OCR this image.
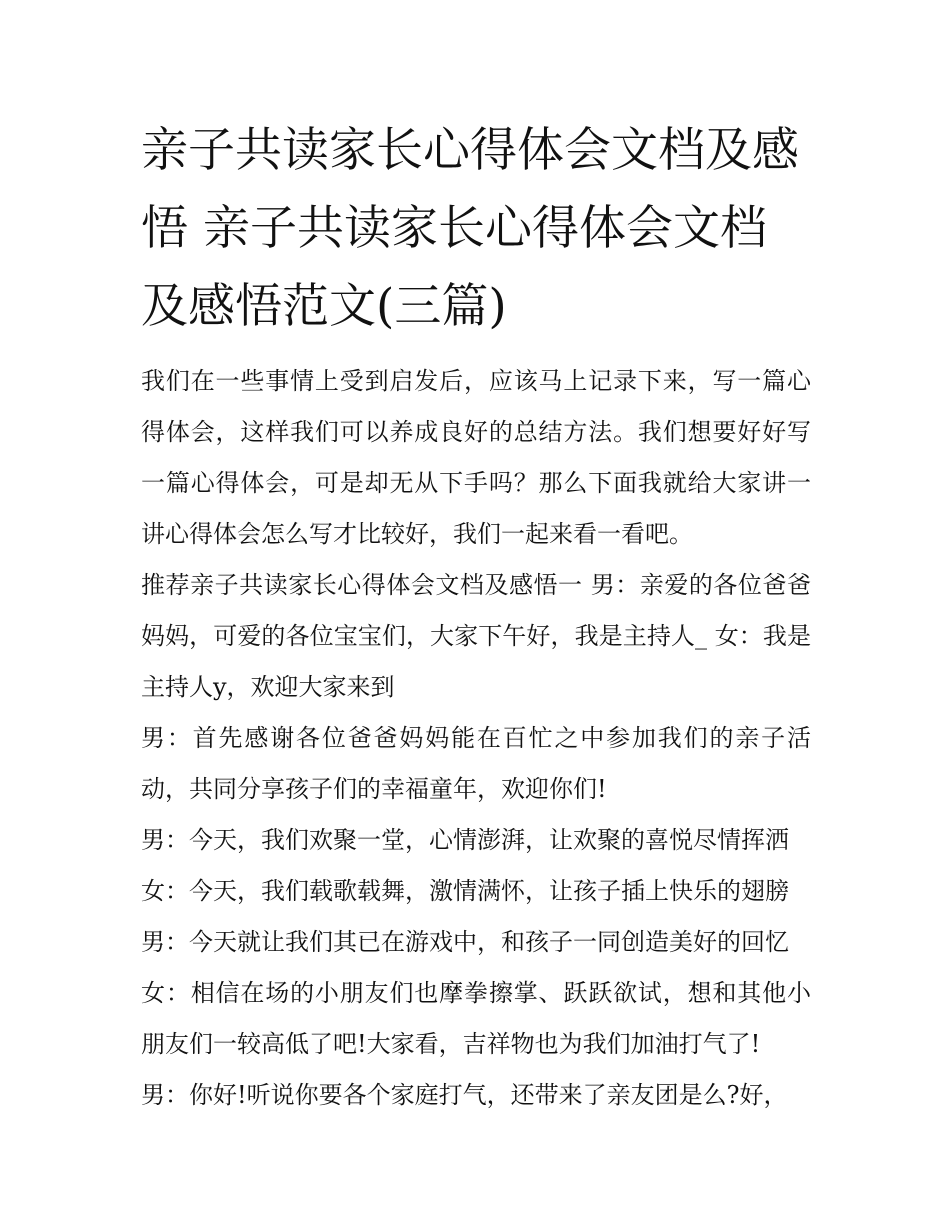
亲子共读家长心得体会文档及感悟 亲子共读家长心得体会文档及感悟范文(三篇)

我们在一些事情上受到启发后，应该马上记录下来，写一篇心得体会，这样我们可以养成良好的总结方法。我们想要好好写一篇心得体会，可是却无从下手吗？那么下面我就给大家讲一讲心得体会怎么写才比较好，我们一起来看一看吧。

推荐亲子共读家长心得体会文档及感悟一 男：亲爱的各位爸爸妈妈，可爱的各位宝宝们，大家下午好，我是主持人_ 女：我是主持人y，欢迎大家来到

男：首先感谢各位爸爸妈妈能在百忙之中参加我们的亲子活动，共同分享孩子们的幸福童年，欢迎你们!

男：今天，我们欢聚一堂，心情澎湃，让欢聚的喜悦尽情挥洒

女：今天，我们载歌载舞，激情满怀，让孩子插上快乐的翅膀

男：今天就让我们其已在游戏中，和孩子一同创造美好的回忆

女：相信在场的小朋友们也摩拳擦掌、跃跃欲试，想和其他小朋友们一较高低了吧!大家看，吉祥物也为我们加油打气了!

男：你好!听说你要各个家庭打气，还带来了亲友团是么?好，
